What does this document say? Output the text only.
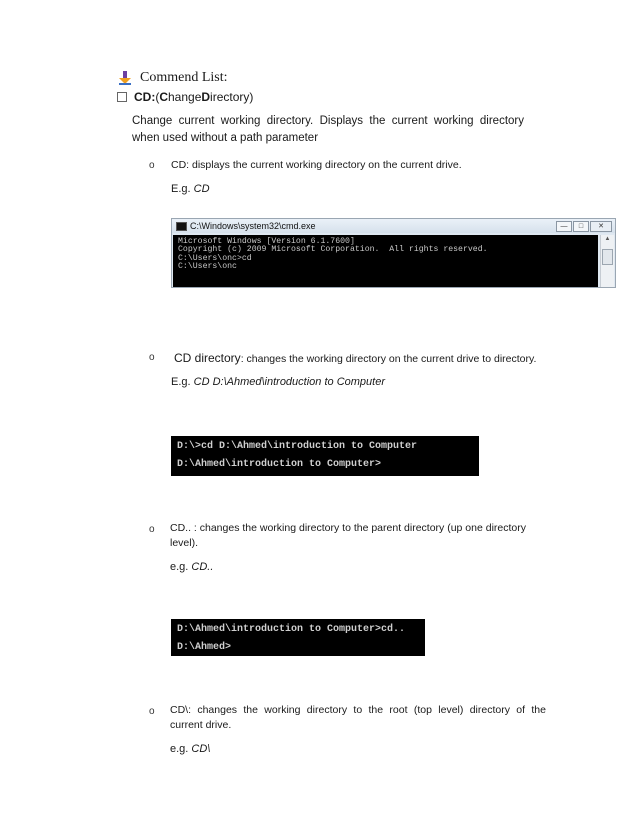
Commend List:
CD: ( C hange D irectory)
Change current working directory. Displays the current working directory when used without a path parameter
o CD: displays the current working directory on the current drive.
E.g. CD
C:\Windows\system32\cmd.exe	—	□	✕
Microsoft Windows [Version 6.1.7600]
Copyright (c) 2009 Microsoft Corporation.  All rights reserved.
C:\Users\onc>cd
C:\Users\onc
▲
o CD directory: changes the working directory on the current drive to directory.
E.g. CD D:\Ahmed\introduction to Computer
D:\>cd D:\Ahmed\introduction to Computer
D:\Ahmed\introduction to Computer>
o CD.. : changes the working directory to the parent directory (up one directory
level).
e.g. CD..
D:\Ahmed\introduction to Computer>cd..
D:\Ahmed>
o CD\: changes the working directory to the root (top level) directory of the
current drive.
e.g. CD\
